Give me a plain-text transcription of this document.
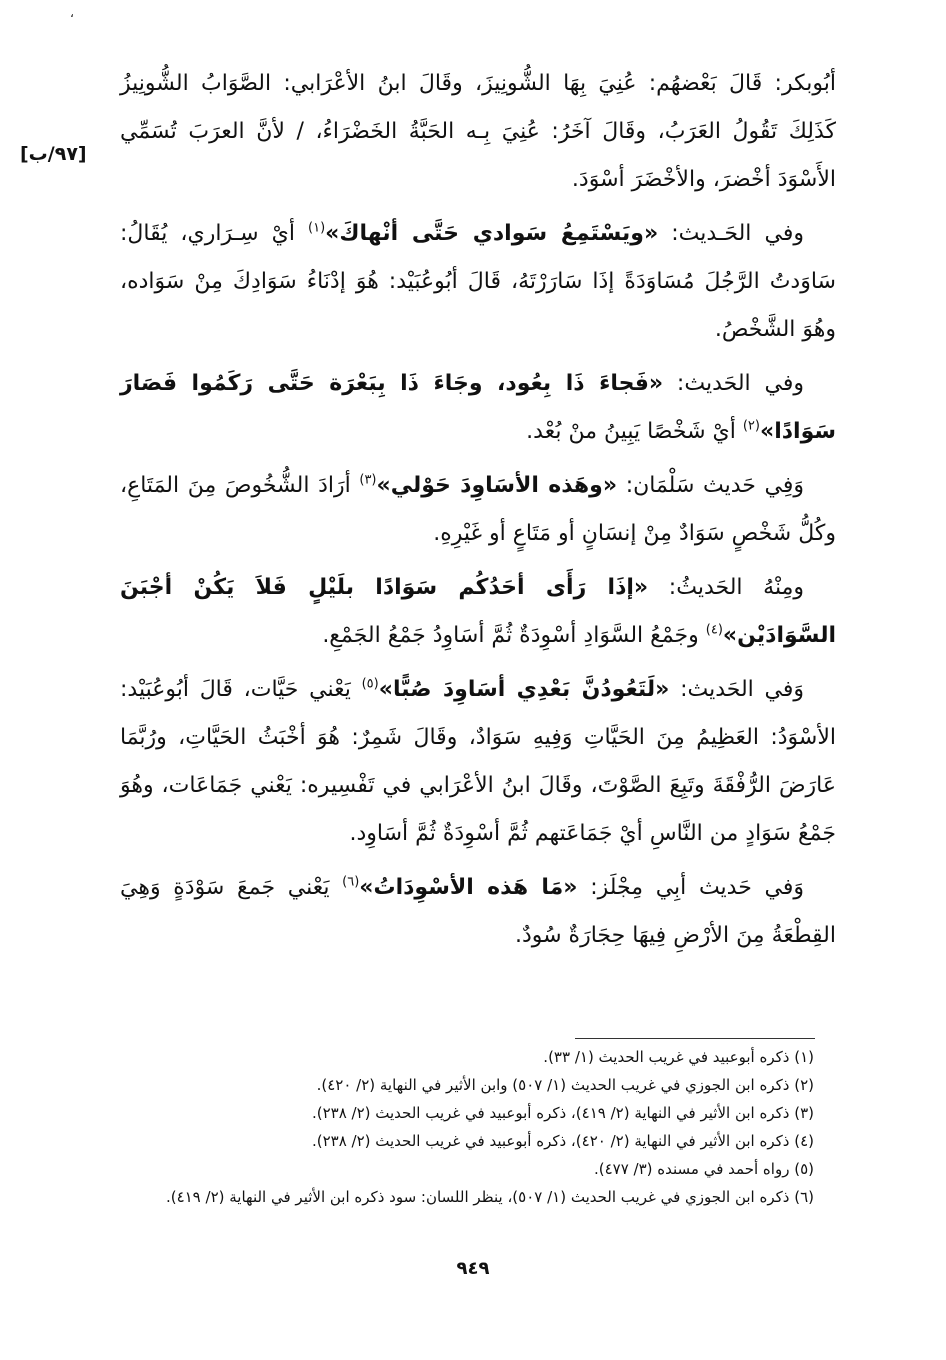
،
[٩٧/ب]

أبُوبكر: قَالَ بَعْضهُم: عُنِيَ بِهَا الشُّونِيزَ، وقَالَ ابنُ الأعْرَابي: الصَّوَابُ الشُّونِيزُ كَذَلِكَ تَقُولُ العَرَبُ، وقَالَ آخَرُ: عُنِيَ بِـه الحَبَّةُ الخَضْرَاءُ، / لأنَّ العرَبَ تُسَمِّي الأَسْوَدَ أخْضرَ، والأخْضَرَ أسْوَدَ.

وفي الحَـديث: «ويَسْتَمِعُ سَوادي حَتَّى أنْهاكَ»$^{(١)}$ أيْ سِـرَاري، يُقَالُ: سَاوَدتُ الرَّجُلَ مُسَاوَدَةً إذَا سَارَرْتَهُ، قَالَ أبُوعُبَيْد: هُوَ إدْنَاءُ سَوَادِكَ مِنْ سَوَاده، وهُوَ الشَّخْصُ.

وفي الحَديث: «فَجاءَ ذَا بِعُود، وجَاءَ ذَا بِبَعْرَة حَتَّى رَكَمُوا فَصَارَ سَوَادًا»$^{(٢)}$ أيْ شَخْصًا يَبِينُ منْ بُعْد.

وَفِي حَديث سَلْمَان: «وهَذه الأسَاوِدَ حَوْلي»$^{(٣)}$ أرَادَ الشُّخُوصَ مِنَ المَتَاعِ، وكُلُّ شَخْصٍ سَوَادٌ مِنْ إنسَانٍ أو مَتَاعٍ أو غَيْرِهِ.

ومِنْهُ الحَديثُ: «إذَا رَأَى أحَدُكُم سَوَادًا بلَيْلٍ فَلاَ يَكُنْ أجْبَنَ السَّوَادَيْن»$^{(٤)}$ وجَمْعُ السَّوَادِ أسْوِدَةٌ ثُمَّ أسَاوِدُ جَمْعُ الجَمْعِ.

وَفي الحَديث: «لَتَعُودُنَّ بَعْدِي أسَاوِدَ صُبًّا»$^{(٥)}$ يَعْني حَيَّات، قَالَ أبُوعُبَيْد: الأسْوَدُ: العَظِيمُ مِنَ الحَيَّاتِ وَفِيهِ سَوَادٌ، وقَالَ شَمِرٌ: هُوَ أخْبَثُ الحَيَّاتِ، ورُبَّمَا عَارَضَ الرُّفْقَةَ وتَبِعَ الصَّوْتَ، وقَالَ ابنُ الأعْرَابي في تَفْسِيره: يَعْني جَمَاعَات، وهُوَ جَمْعُ سَوَادٍ من النَّاسِ أيْ جَمَاعَتهم ثُمَّ أسْوِدَةٌ ثُمَّ أسَاوِد.

وَفي حَديث أبِي مِجْلَز: «مَا هَذه الأسْوِدَاتُ»$^{(٦)}$ يَعْني جَمعَ سَوْدَةٍ وَهِيَ القِطْعَةُ مِنَ الأرْضِ فِيهَا حِجَارَةٌ سُودٌ.

(١) ذكره أبوعبيد في غريب الحديث (١/ ٣٣).

(٢) ذكره ابن الجوزي في غريب الحديث (١/ ٥٠٧) وابن الأثير في النهاية (٢/ ٤٢٠).

(٣) ذكره ابن الأثير في النهاية (٢/ ٤١٩)، ذكره أبوعبيد في غريب الحديث (٢/ ٢٣٨).

(٤) ذكره ابن الأثير في النهاية (٢/ ٤٢٠)، ذكره أبوعبيد في غريب الحديث (٢/ ٢٣٨).

(٥) رواه أحمد في مسنده (٣/ ٤٧٧).

(٦) ذكره ابن الجوزي في غريب الحديث (١/ ٥٠٧)، ينظر اللسان: سود ذكره ابن الأثير في النهاية (٢/ ٤١٩).

٩٤٩
